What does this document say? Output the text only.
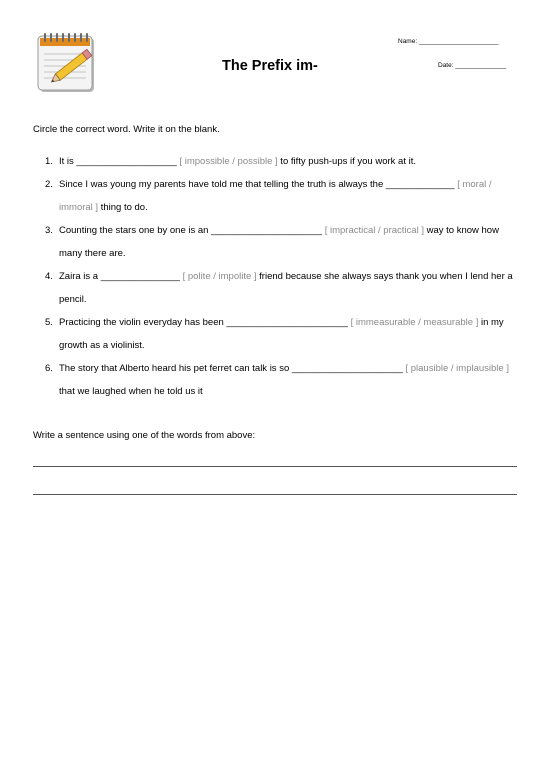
The Prefix im-
Name: ______________________
Date: ______________
Circle the correct word. Write it on the blank.
1. It is ___________________ [ impossible / possible ] to fifty push-ups if you work at it.
2. Since I was young my parents have told me that telling the truth is always the _____________ [ moral / immoral ] thing to do.
3. Counting the stars one by one is an _____________________ [ impractical / practical ] way to know how many there are.
4. Zaira is a _______________ [ polite / impolite ] friend because she always says thank you when I lend her a pencil.
5. Practicing the violin everyday has been _______________________ [ immeasurable / measurable ] in my growth as a violinist.
6. The story that Alberto heard his pet ferret can talk is so _____________________ [ plausible / implausible ] that we laughed when he told us it
Write a sentence using one of the words from above:
